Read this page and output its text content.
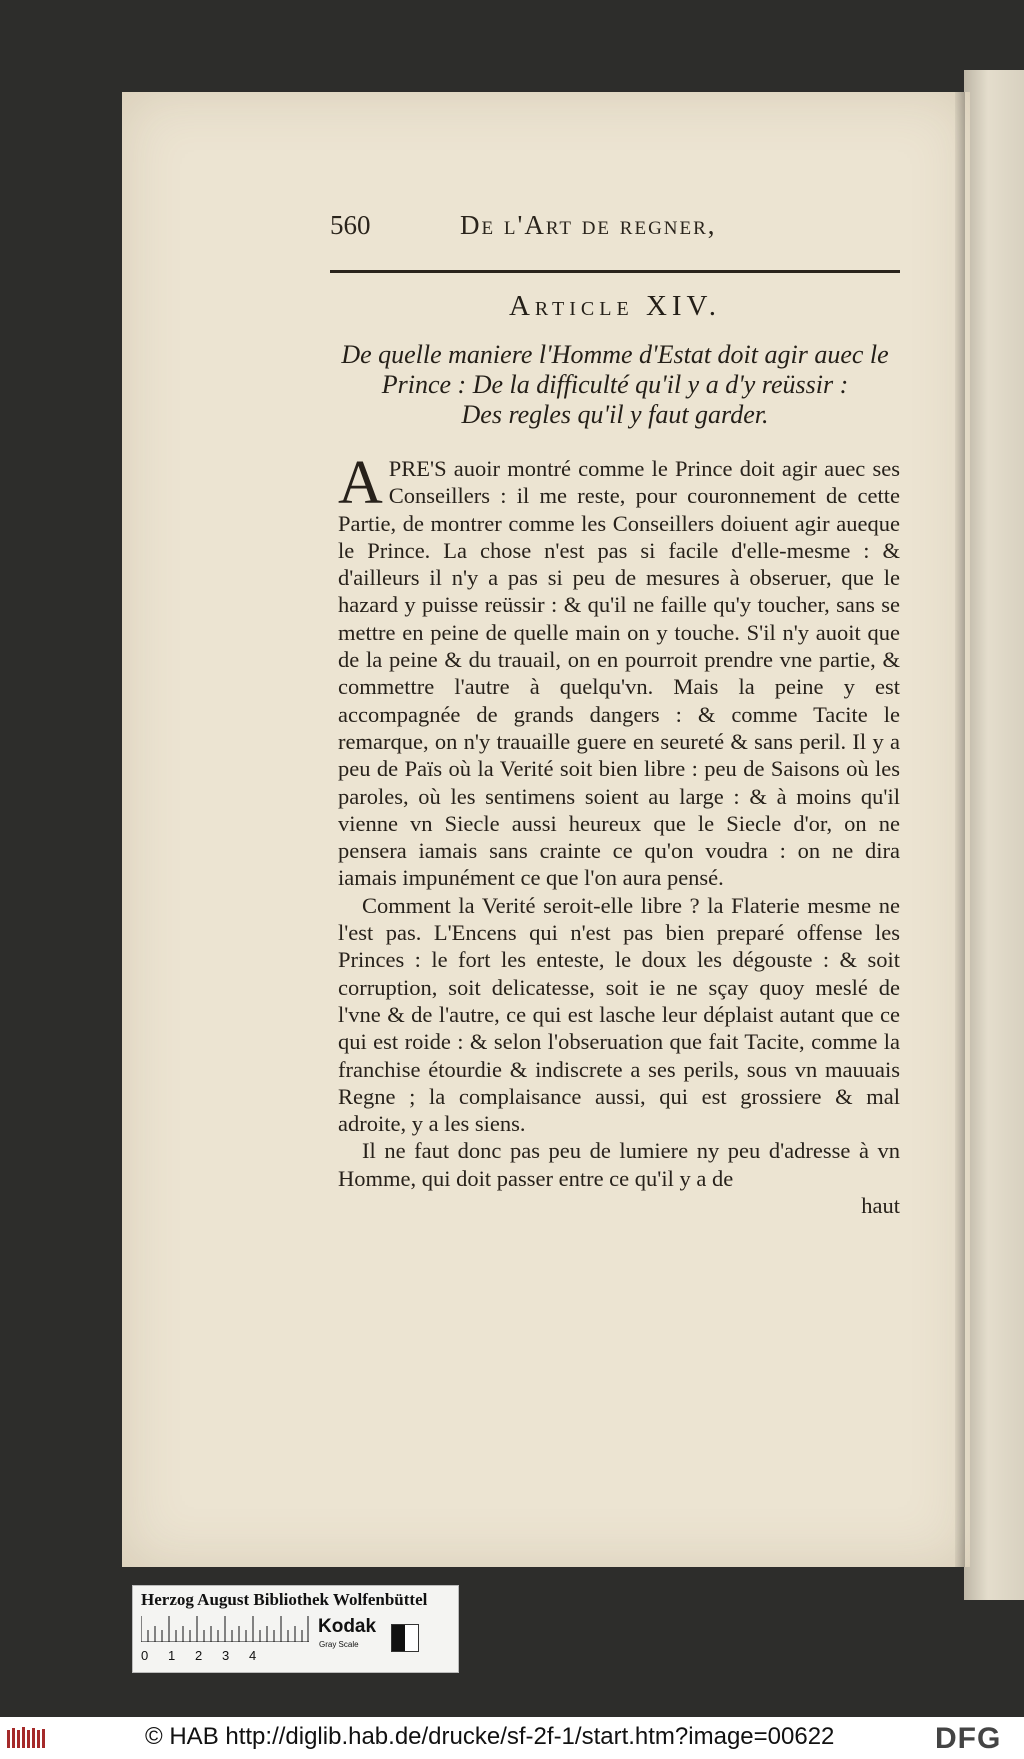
560	De l'Art de regner,
Article XIV.
De quelle maniere l'Homme d'Estat doit agir auec le
Prince : De la difficulté qu'il y a d'y reüssir :
Des regles qu'il y faut garder.

APRE'S auoir montré comme le Prince doit agir auec ses Conseillers : il me reste, pour couronnement de cette Partie, de montrer comme les Conseillers doiuent agir aueque le Prince. La chose n'est pas si facile d'elle-mesme : & d'ailleurs il n'y a pas si peu de mesures à obseruer, que le hazard y puisse reüssir : & qu'il ne faille qu'y toucher, sans se mettre en peine de quelle main on y touche. S'il n'y auoit que de la peine & du trauail, on en pourroit prendre vne partie, & commettre l'autre à quelqu'vn. Mais la peine y est accompagnée de grands dangers : & comme Tacite le remarque, on n'y trauaille guere en seureté & sans peril. Il y a peu de Païs où la Verité soit bien libre : peu de Saisons où les paroles, où les sentimens soient au large : & à moins qu'il vienne vn Siecle aussi heureux que le Siecle d'or, on ne pensera iamais sans crainte ce qu'on voudra : on ne dira iamais impunément ce que l'on aura pensé.

Comment la Verité seroit-elle libre ? la Flaterie mesme ne l'est pas. L'Encens qui n'est pas bien preparé offense les Princes : le fort les enteste, le doux les dégouste : & soit corruption, soit delicatesse, soit ie ne sçay quoy meslé de l'vne & de l'autre, ce qui est lasche leur déplaist autant que ce qui est roide : & selon l'obseruation que fait Tacite, comme la franchise étourdie & indiscrete a ses perils, sous vn mauuais Regne ; la complaisance aussi, qui est grossiere & mal adroite, y a les siens.

Il ne faut donc pas peu de lumiere ny peu d'adresse à vn Homme, qui doit passer entre ce qu'il y a de

haut
Herzog August Bibliothek Wolfenbüttel
0 1 2 3 4
Kodak
Gray Scale
© HAB http://diglib.hab.de/drucke/sf-2f-1/start.htm?image=00622	DFG
